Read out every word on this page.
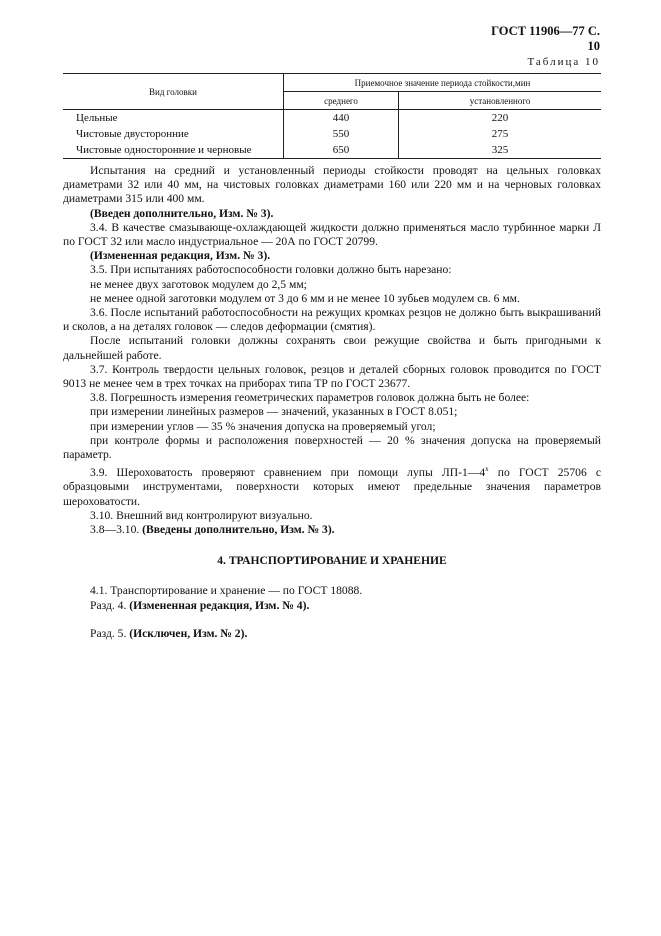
ГОСТ 11906—77 С. 10
Таблица 10
Вид головки	Приемочное значение периода стойкости,мин	
	среднего	установленного
Цельные	440	220
Чистовые двусторонние	550	275
Чистовые односторонние и черновые	650	325

Испытания на средний и установленный периоды стойкости проводят на цельных головках диаметрами 32 или 40 мм, на чистовых головках диаметрами 160 или 220 мм и на черновых головках диаметрами 315 или 400 мм.

(Введен дополнительно, Изм. № 3).

3.4. В качестве смазывающе-охлаждающей жидкости должно применяться масло турбинное марки Л по ГОСТ 32 или масло индустриальное — 20А по ГОСТ 20799.

(Измененная редакция, Изм. № 3).

3.5. При испытаниях работоспособности головки должно быть нарезано:

не менее двух заготовок модулем до 2,5 мм;

не менее одной заготовки модулем от 3 до 6 мм и не менее 10 зубьев модулем св. 6 мм.

3.6. После испытаний работоспособности на режущих кромках резцов не должно быть выкрашиваний и сколов, а на деталях головок — следов деформации (смятия).

После испытаний головки должны сохранять свои режущие свойства и быть пригодными к дальнейшей работе.

3.7. Контроль твердости цельных головок, резцов и деталей сборных головок проводится по ГОСТ 9013 не менее чем в трех точках на приборах типа ТР по ГОСТ 23677.

3.8. Погрешность измерения геометрических параметров головок должна быть не более:

при измерении линейных размеров — значений, указанных в ГОСТ 8.051;

при измерении углов — 35 % значения допуска на проверяемый угол;

при контроле формы и расположения поверхностей — 20 % значения допуска на проверяемый параметр.

3.9. Шероховатость проверяют сравнением при помощи лупы $ЛП-1—4^х$ по ГОСТ 25706 с образцовыми инструментами, поверхности которых имеют предельные значения параметров шероховатости.

3.10. Внешний вид контролируют визуально.

3.8—3.10. (Введены дополнительно, Изм. № 3).

4. ТРАНСПОРТИРОВАНИЕ И ХРАНЕНИЕ

4.1. Транспортирование и хранение — по ГОСТ 18088.

Разд. 4. (Измененная редакция, Изм. № 4).

Разд. 5. (Исключен, Изм. № 2).
